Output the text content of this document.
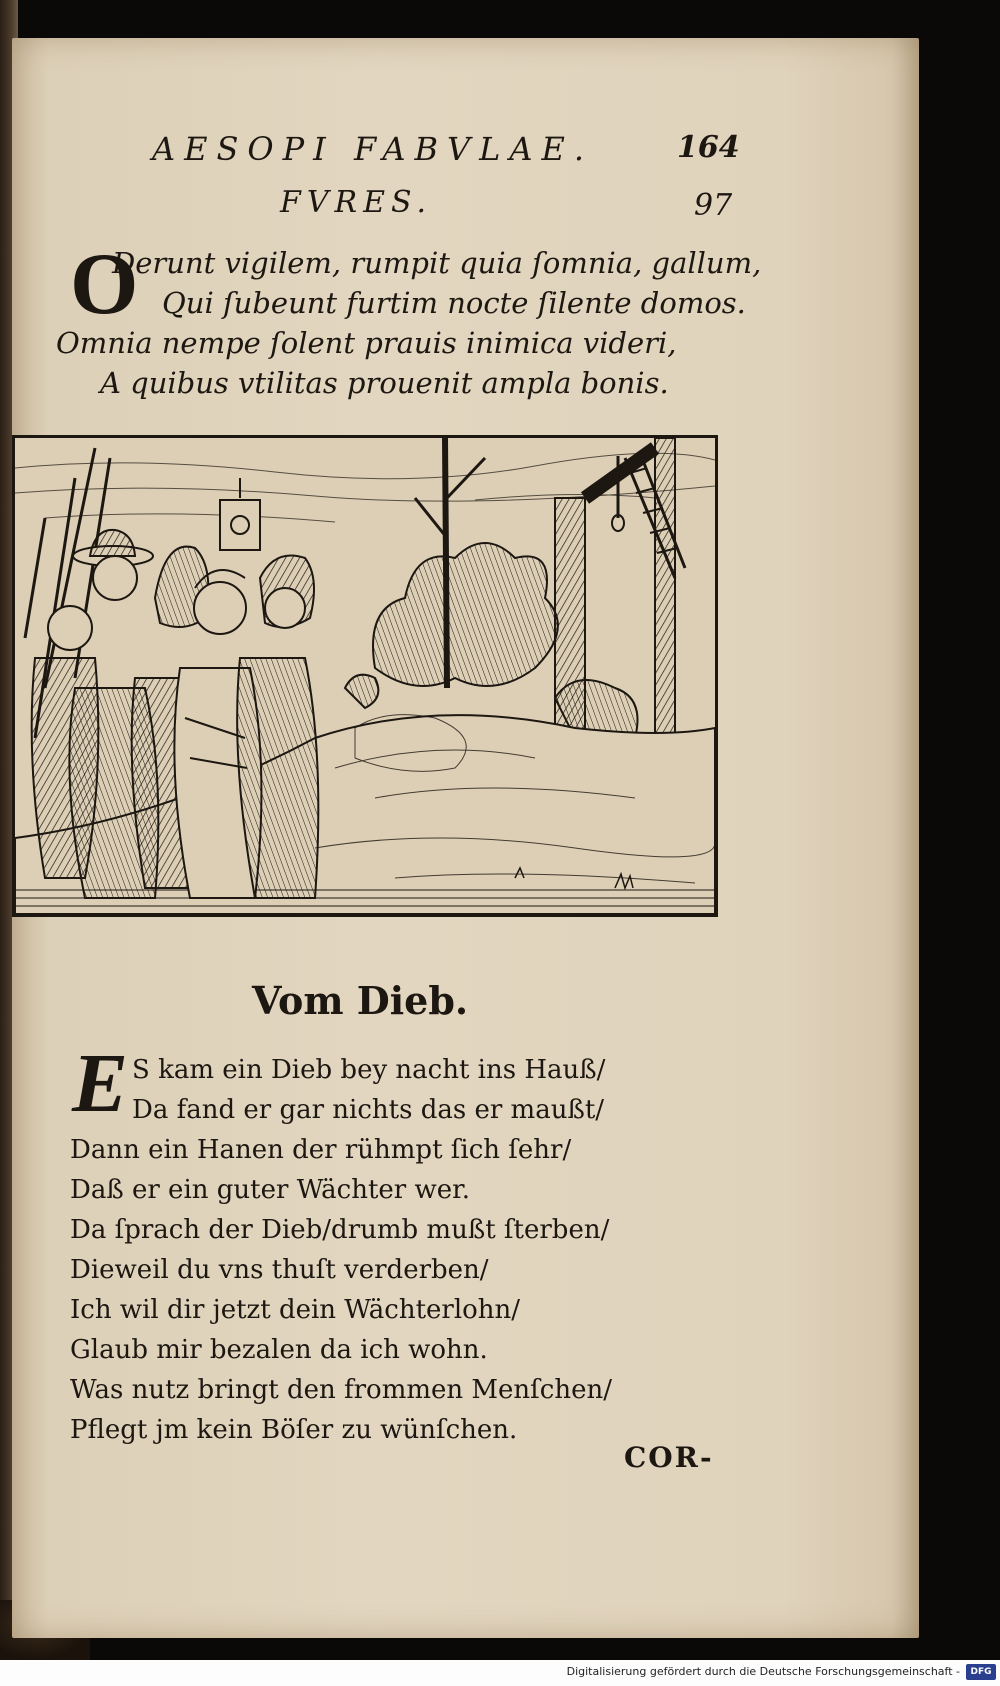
AESOPI FABVLAE.	164
FVRES.	97
O
Derunt vigilem, rumpit quia ſomnia, gallum,
Qui ſubeunt furtim nocte ſilente domos.
Omnia nempe ſolent prauis inimica videri,
A quibus vtilitas prouenit ampla bonis.
Vom Dieb.
E S kam ein Dieb bey nacht ins Hauß/
Da fand er gar nichts das er maußt/
Dann ein Hanen der rühmpt ſich ſehr/
Daß er ein guter Wächter wer.
Da ſprach der Dieb/drumb mußt ſterben/
Dieweil du vns thuſt verderben/
Ich wil dir jetzt dein Wächterlohn/
Glaub mir bezalen da ich wohn.
Was nutz bringt den frommen Menſchen/
Pflegt jm kein Böſer zu wünſchen.
COR-
Digitalisierung gefördert durch die Deutsche Forschungsgemeinschaft -	DFG
